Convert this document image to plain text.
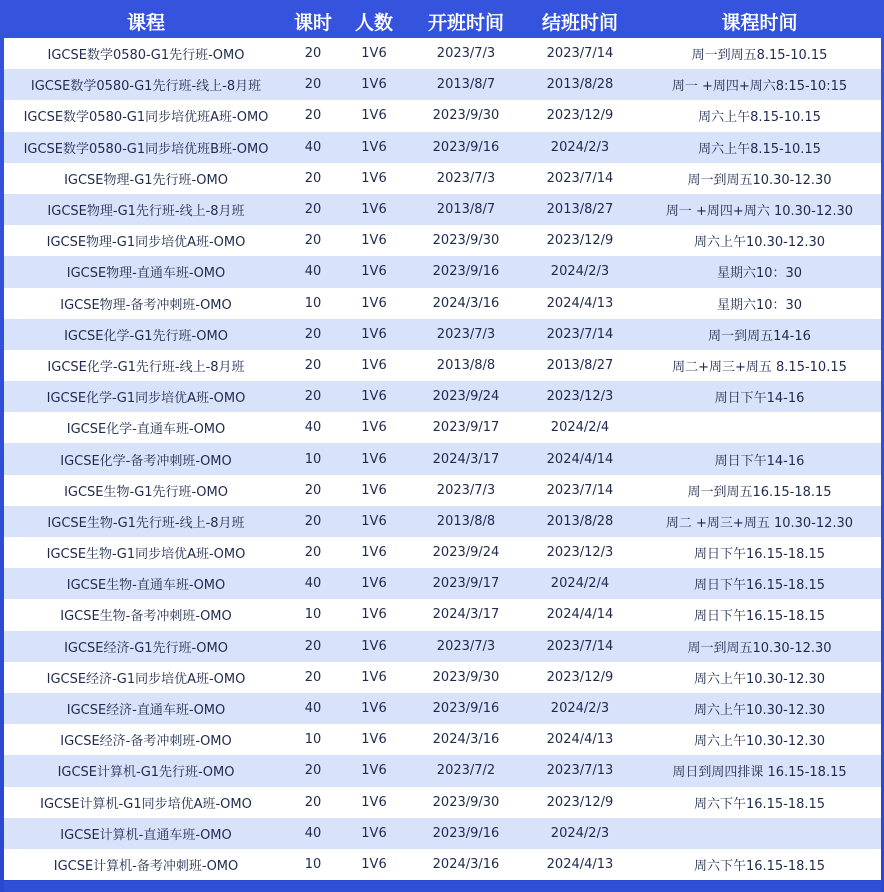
课程	课时	人数	开班时间	结班时间	课程时间
IGCSE数学0580-G1先行班-OMO	20	1V6	2023/7/3	2023/7/14	周一到周五8.15-10.15
IGCSE数学0580-G1先行班-线上-8月班	20	1V6	2013/8/7	2013/8/28	周一 +周四+周六8:15-10:15
IGCSE数学0580-G1同步培优班A班-OMO	20	1V6	2023/9/30	2023/12/9	周六上午8.15-10.15
IGCSE数学0580-G1同步培优班B班-OMO	40	1V6	2023/9/16	2024/2/3	周六上午8.15-10.15
IGCSE物理-G1先行班-OMO	20	1V6	2023/7/3	2023/7/14	周一到周五10.30-12.30
IGCSE物理-G1先行班-线上-8月班	20	1V6	2013/8/7	2013/8/27	周一 +周四+周六 10.30-12.30
IGCSE物理-G1同步培优A班-OMO	20	1V6	2023/9/30	2023/12/9	周六上午10.30-12.30
IGCSE物理-直通车班-OMO	40	1V6	2023/9/16	2024/2/3	星期六10：30
IGCSE物理-备考冲刺班-OMO	10	1V6	2024/3/16	2024/4/13	星期六10：30
IGCSE化学-G1先行班-OMO	20	1V6	2023/7/3	2023/7/14	周一到周五14-16
IGCSE化学-G1先行班-线上-8月班	20	1V6	2013/8/8	2013/8/27	周二+周三+周五 8.15-10.15
IGCSE化学-G1同步培优A班-OMO	20	1V6	2023/9/24	2023/12/3	周日下午14-16
IGCSE化学-直通车班-OMO	40	1V6	2023/9/17	2024/2/4
IGCSE化学-备考冲刺班-OMO	10	1V6	2024/3/17	2024/4/14	周日下午14-16
IGCSE生物-G1先行班-OMO	20	1V6	2023/7/3	2023/7/14	周一到周五16.15-18.15
IGCSE生物-G1先行班-线上-8月班	20	1V6	2013/8/8	2013/8/28	周二 +周三+周五 10.30-12.30
IGCSE生物-G1同步培优A班-OMO	20	1V6	2023/9/24	2023/12/3	周日下午16.15-18.15
IGCSE生物-直通车班-OMO	40	1V6	2023/9/17	2024/2/4	周日下午16.15-18.15
IGCSE生物-备考冲刺班-OMO	10	1V6	2024/3/17	2024/4/14	周日下午16.15-18.15
IGCSE经济-G1先行班-OMO	20	1V6	2023/7/3	2023/7/14	周一到周五10.30-12.30
IGCSE经济-G1同步培优A班-OMO	20	1V6	2023/9/30	2023/12/9	周六上午10.30-12.30
IGCSE经济-直通车班-OMO	40	1V6	2023/9/16	2024/2/3	周六上午10.30-12.30
IGCSE经济-备考冲刺班-OMO	10	1V6	2024/3/16	2024/4/13	周六上午10.30-12.30
IGCSE计算机-G1先行班-OMO	20	1V6	2023/7/2	2023/7/13	周日到周四排课 16.15-18.15
IGCSE计算机-G1同步培优A班-OMO	20	1V6	2023/9/30	2023/12/9	周六下午16.15-18.15
IGCSE计算机-直通车班-OMO	40	1V6	2023/9/16	2024/2/3
IGCSE计算机-备考冲刺班-OMO	10	1V6	2024/3/16	2024/4/13	周六下午16.15-18.15
